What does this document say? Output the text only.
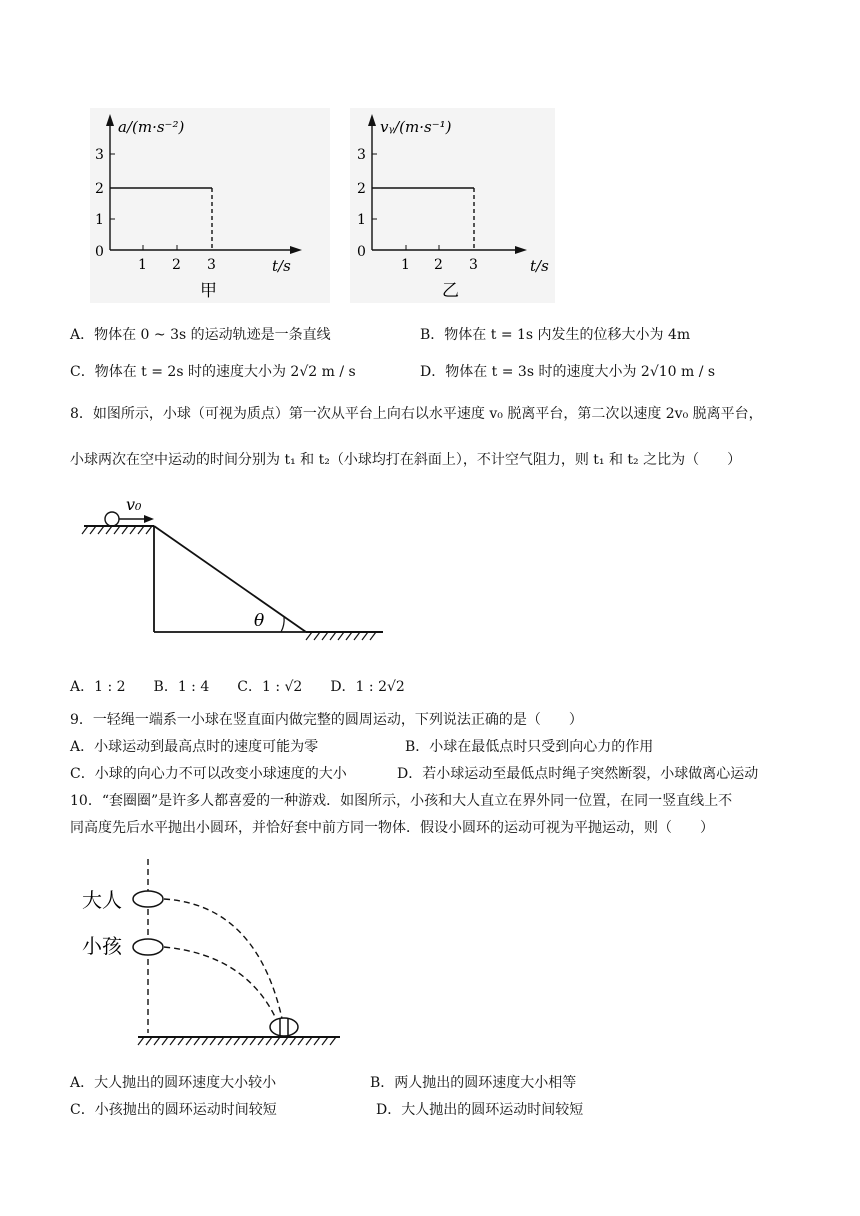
a/(m·s⁻²)
3
2
1
0
1 2 3	t/s
甲
vᵧ/(m·s⁻¹)
3
2
1
0
1 2 3	t/s
乙
A．物体在 0 ~ 3s 的运动轨迹是一条直线	B．物体在 t = 1s 内发生的位移大小为 4m
C．物体在 t = 2s 时的速度大小为 2√2 m / s	D．物体在 t = 3s 时的速度大小为 2√10 m / s
8．如图所示，小球（可视为质点）第一次从平台上向右以水平速度 v₀ 脱离平台，第二次以速度 2v₀ 脱离平台，
小球两次在空中运动的时间分别为 t₁ 和 t₂（小球均打在斜面上），不计空气阻力，则 t₁ 和 t₂ 之比为（　　）
v₀
θ
A．1 : 2　　B．1 : 4　　C．1 : √2　　D．1 : 2√2
9．一轻绳一端系一小球在竖直面内做完整的圆周运动，下列说法正确的是（　　）
A．小球运动到最高点时的速度可能为零	B．小球在最低点时只受到向心力的作用
C．小球的向心力不可以改变小球速度的大小	D．若小球运动至最低点时绳子突然断裂，小球做离心运动
10．“套圈圈”是许多人都喜爱的一种游戏．如图所示，小孩和大人直立在界外同一位置，在同一竖直线上不
同高度先后水平抛出小圆环，并恰好套中前方同一物体．假设小圆环的运动可视为平抛运动，则（　　）
大人
小孩
A．大人抛出的圆环速度大小较小	B．两人抛出的圆环速度大小相等
C．小孩抛出的圆环运动时间较短	D．大人抛出的圆环运动时间较短
